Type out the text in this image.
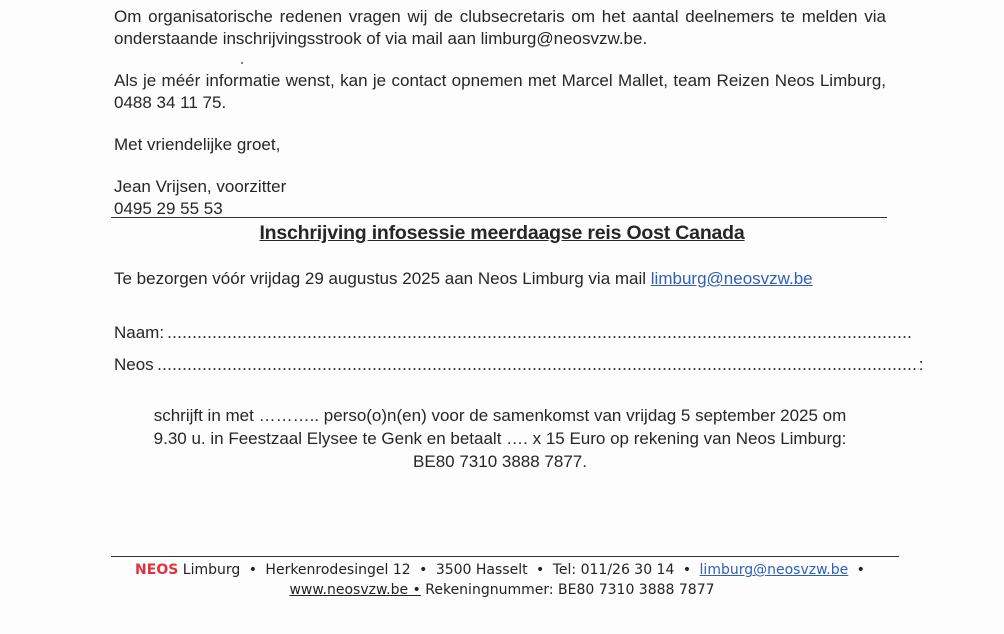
Om organisatorische redenen vragen wij de clubsecretaris om het aantal deelnemers te melden via onderstaande inschrijvingsstrook of via mail aan limburg@neosvzw.be.

Als je méér informatie wenst, kan je contact opnemen met Marcel Mallet, team Reizen Neos Limburg, 0488 34 11 75.

Met vriendelijke groet,

Jean Vrijsen, voorzitter

0495 29 55 53

Inschrijving infosessie meerdaagse reis Oost Canada

Te bezorgen vóór vrijdag 29 augustus 2025 aan Neos Limburg via mail limburg@neosvzw.be

Naam:
Neos	:
schrijft in met ……….. perso(o)n(en) voor de samenkomst van vrijdag 5 september 2025 om
9.30 u. in Feestzaal Elysee te Genk en betaalt …. x 15 Euro op rekening van Neos Limburg:
BE80 7310 3888 7877.
NEOS Limburg • Herkenrodesingel 12 • 3500 Hasselt • Tel: 011/26 30 14 • limburg@neosvzw.be •
www.neosvzw.be • Rekeningnummer: BE80 7310 3888 7877
